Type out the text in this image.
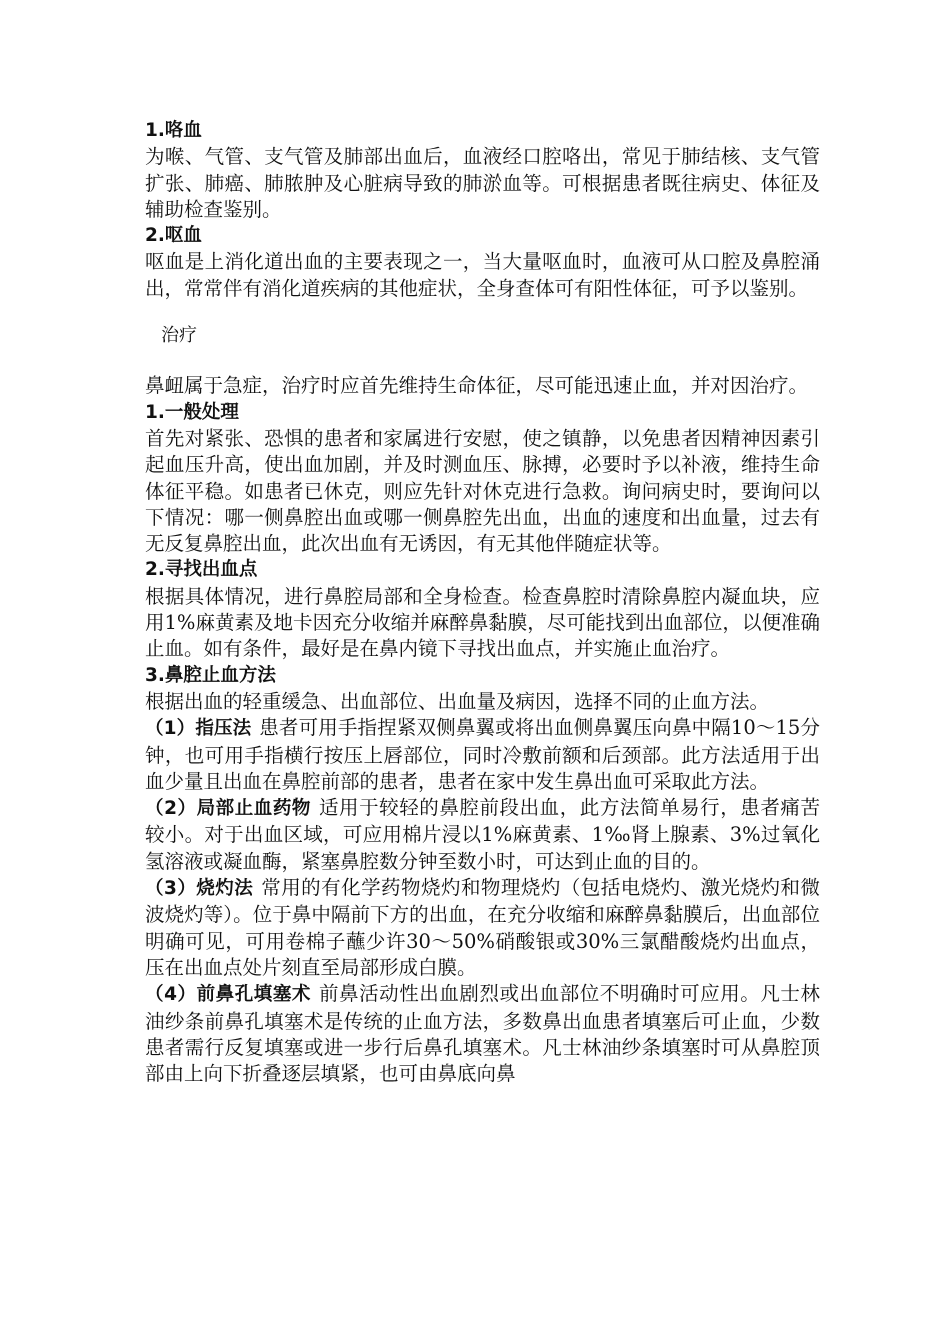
1.咯血

为喉、气管、支气管及肺部出血后，血液经口腔咯出，常见于肺结核、支气管扩张、肺癌、肺脓肿及心脏病导致的肺淤血等。可根据患者既往病史、体征及辅助检查鉴别。

2.呕血

呕血是上消化道出血的主要表现之一，当大量呕血时，血液可从口腔及鼻腔涌出，常常伴有消化道疾病的其他症状，全身查体可有阳性体征，可予以鉴别。

治疗

鼻衄属于急症，治疗时应首先维持生命体征，尽可能迅速止血，并对因治疗。

1.一般处理

首先对紧张、恐惧的患者和家属进行安慰，使之镇静，以免患者因精神因素引起血压升高，使出血加剧，并及时测血压、脉搏，必要时予以补液，维持生命体征平稳。如患者已休克，则应先针对休克进行急救。询问病史时，要询问以下情况：哪一侧鼻腔出血或哪一侧鼻腔先出血，出血的速度和出血量，过去有无反复鼻腔出血，此次出血有无诱因，有无其他伴随症状等。

2.寻找出血点

根据具体情况，进行鼻腔局部和全身检查。检查鼻腔时清除鼻腔内凝血块，应用1%麻黄素及地卡因充分收缩并麻醉鼻黏膜，尽可能找到出血部位，以便准确止血。如有条件，最好是在鼻内镜下寻找出血点，并实施止血治疗。

3.鼻腔止血方法

根据出血的轻重缓急、出血部位、出血量及病因，选择不同的止血方法。

（1）指压法 患者可用手指捏紧双侧鼻翼或将出血侧鼻翼压向鼻中隔10～15分钟，也可用手指横行按压上唇部位，同时冷敷前额和后颈部。此方法适用于出血少量且出血在鼻腔前部的患者，患者在家中发生鼻出血可采取此方法。

（2）局部止血药物 适用于较轻的鼻腔前段出血，此方法简单易行，患者痛苦较小。对于出血区域，可应用棉片浸以1%麻黄素、1‰肾上腺素、3%过氧化氢溶液或凝血酶，紧塞鼻腔数分钟至数小时，可达到止血的目的。

（3）烧灼法 常用的有化学药物烧灼和物理烧灼（包括电烧灼、激光烧灼和微波烧灼等）。位于鼻中隔前下方的出血，在充分收缩和麻醉鼻黏膜后，出血部位明确可见，可用卷棉子蘸少许30～50%硝酸银或30%三氯醋酸烧灼出血点，压在出血点处片刻直至局部形成白膜。

（4）前鼻孔填塞术 前鼻活动性出血剧烈或出血部位不明确时可应用。凡士林油纱条前鼻孔填塞术是传统的止血方法，多数鼻出血患者填塞后可止血，少数患者需行反复填塞或进一步行后鼻孔填塞术。凡士林油纱条填塞时可从鼻腔顶部由上向下折叠逐层填紧，也可由鼻底向鼻
